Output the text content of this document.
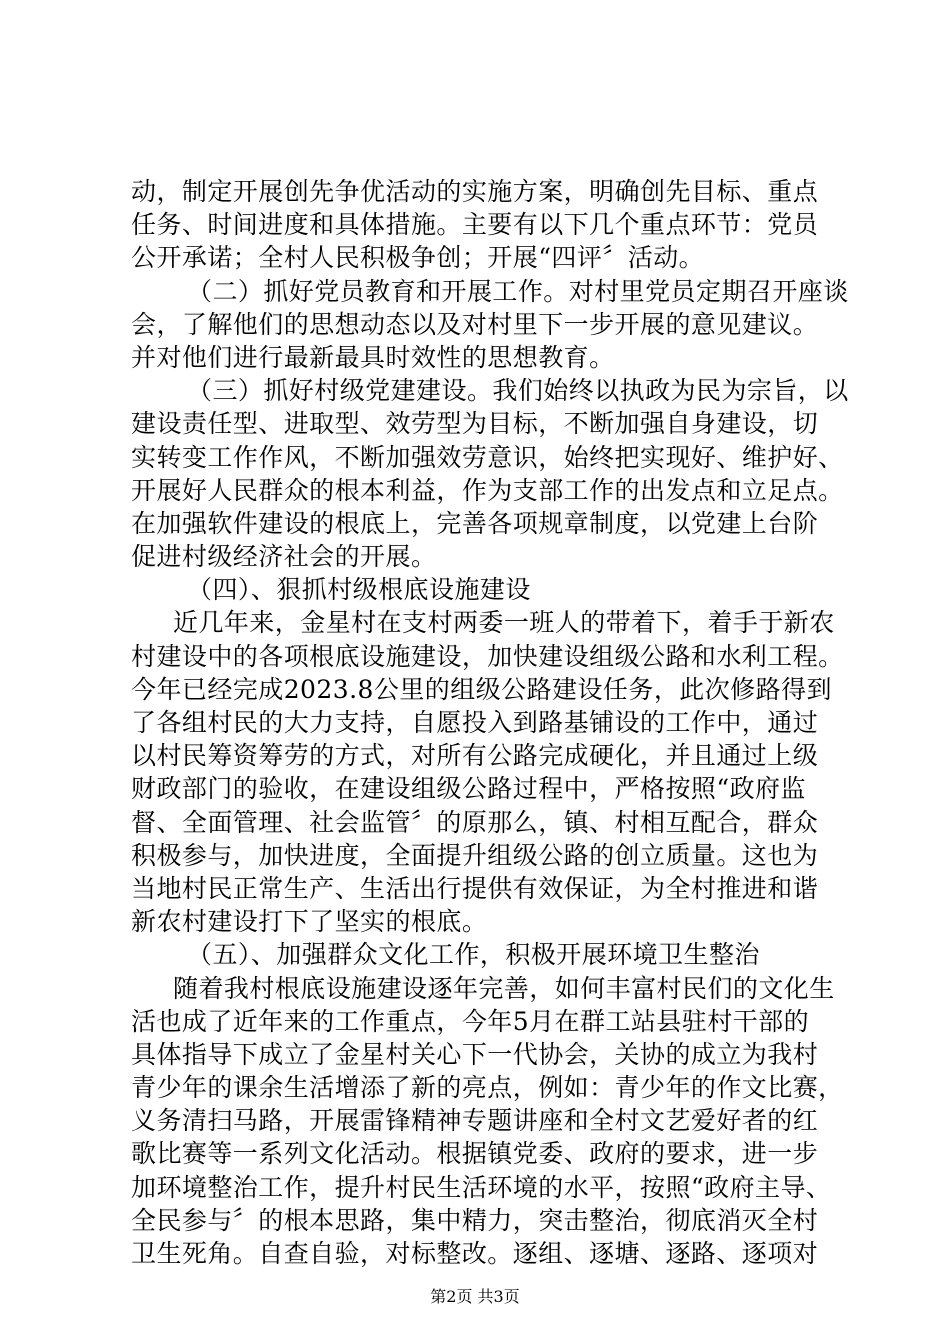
动，制定开展创先争优活动的实施方案，明确创先目标、重点
任务、时间进度和具体措施。主要有以下几个重点环节：党员
公开承诺；全村人民积极争创；开展“四评〞活动。
（二）抓好党员教育和开展工作。对村里党员定期召开座谈
会，了解他们的思想动态以及对村里下一步开展的意见建议。
并对他们进行最新最具时效性的思想教育。
（三）抓好村级党建建设。我们始终以执政为民为宗旨，以
建设责任型、进取型、效劳型为目标，不断加强自身建设，切
实转变工作作风，不断加强效劳意识，始终把实现好、维护好、
开展好人民群众的根本利益，作为支部工作的出发点和立足点。
在加强软件建设的根底上，完善各项规章制度，以党建上台阶
促进村级经济社会的开展。
（四）、狠抓村级根底设施建设
近几年来，金星村在支村两委一班人的带着下，着手于新农
村建设中的各项根底设施建设，加快建设组级公路和水利工程。
今年已经完成2023.8公里的组级公路建设任务，此次修路得到
了各组村民的大力支持，自愿投入到路基铺设的工作中，通过
以村民筹资筹劳的方式，对所有公路完成硬化，并且通过上级
财政部门的验收，在建设组级公路过程中，严格按照“政府监
督、全面管理、社会监管〞的原那么，镇、村相互配合，群众
积极参与，加快进度，全面提升组级公路的创立质量。这也为
当地村民正常生产、生活出行提供有效保证，为全村推进和谐
新农村建设打下了坚实的根底。
（五）、加强群众文化工作，积极开展环境卫生整治
随着我村根底设施建设逐年完善，如何丰富村民们的文化生
活也成了近年来的工作重点，今年5月在群工站县驻村干部的
具体指导下成立了金星村关心下一代协会，关协的成立为我村
青少年的课余生活增添了新的亮点，例如：青少年的作文比赛，
义务清扫马路，开展雷锋精神专题讲座和全村文艺爱好者的红
歌比赛等一系列文化活动。根据镇党委、政府的要求，进一步
加环境整治工作，提升村民生活环境的水平，按照“政府主导、
全民参与〞的根本思路，集中精力，突击整治，彻底消灭全村
卫生死角。自查自验，对标整改。逐组、逐塘、逐路、逐项对
第2页 共3页
